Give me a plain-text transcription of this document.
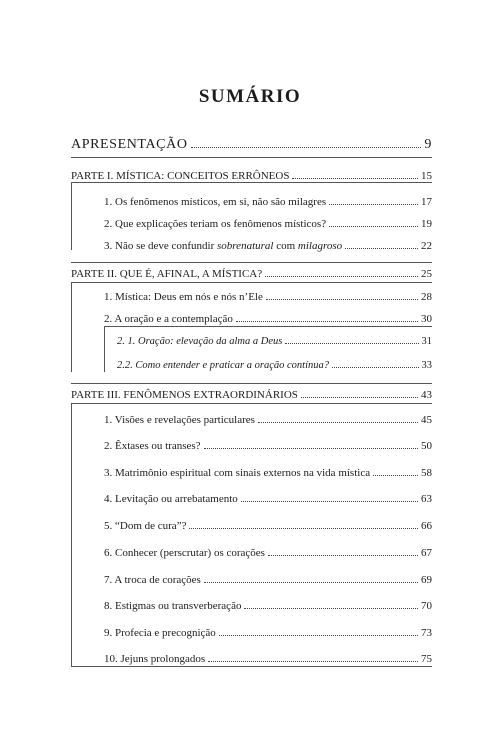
SUMÁRIO
APRESENTAÇÃO	9
PARTE I. MÍSTICA: CONCEITOS ERRÔNEOS	15
1. Os fenômenos místicos, em si, não são milagres	17
2. Que explicações teriam os fenômenos místicos?	19
3. Não se deve confundir sobrenatural com milagroso	22
PARTE II. QUE É, AFINAL, A MÍSTICA?	25
1. Mística: Deus em nós e nós n’Ele	28
2. A oração e a contemplação	30
2. 1. Oração: elevação da alma a Deus	31
2.2. Como entender e praticar a oração contínua?	33
PARTE III. FENÔMENOS EXTRAORDINÁRIOS	43
1. Visões e revelações particulares	45
2. Êxtases ou transes?	50
3. Matrimônio espiritual com sinais externos na vida mística	58
4. Levitação ou arrebatamento	63
5. “Dom de cura”?	66
6. Conhecer (perscrutar) os corações	67
7. A troca de corações	69
8. Estigmas ou transverberação	70
9. Profecia e precognição	73
10. Jejuns prolongados	75
